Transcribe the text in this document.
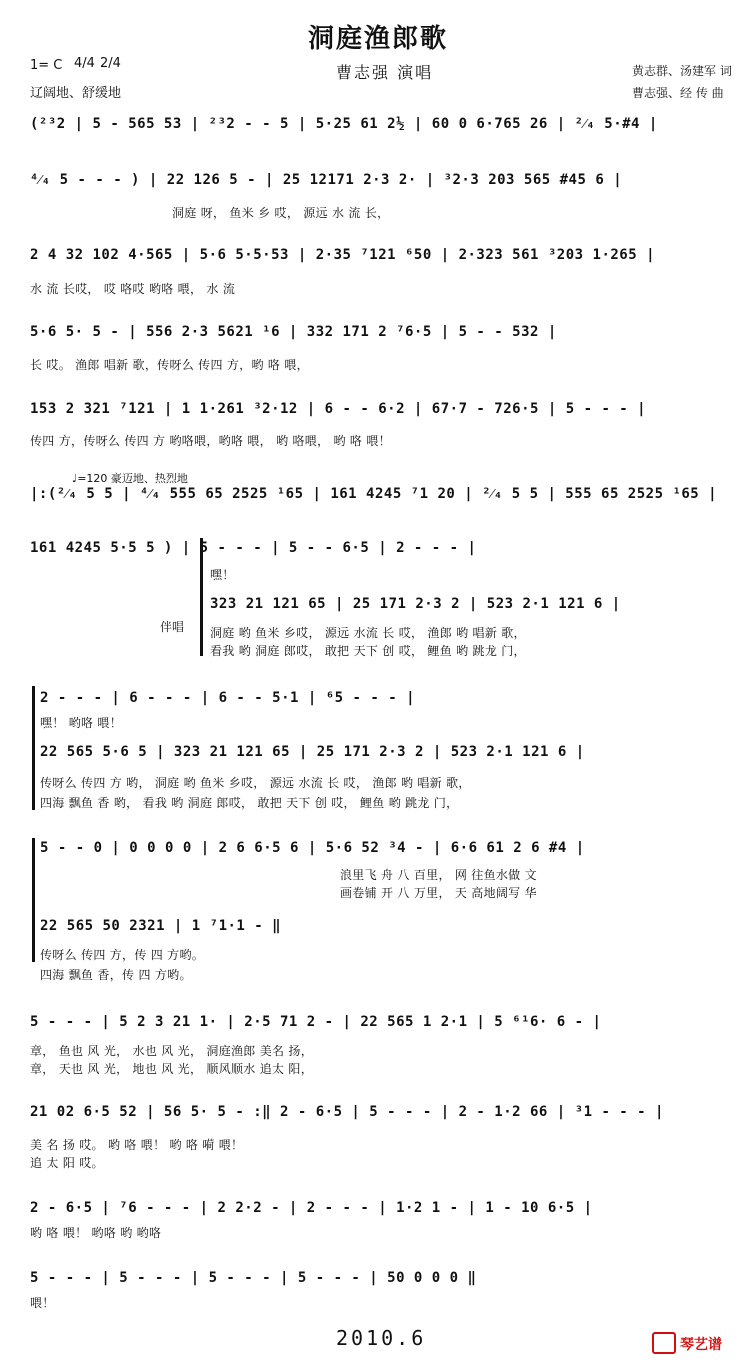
洞庭渔郎歌
曹志强 演唱
1= C 4/4 2/4
辽阔地、舒缓地
黄志群、汤建军 词
曹志强、经 传 曲
(²³2 | 5 - 565 53 | ²³2 - - 5 | 5·25 61 2½ | 60 0 6·765 26 | ²⁄₄ 5·#4 |
⁴⁄₄ 5 - - - ) | 22 126 5 - | 25 12171 2·3 2· | ³2·3 203 565 #45 6 |
洞庭 呀， 鱼米 乡 哎， 源远 水 流 长，
2 4 32 102 4·565 | 5·6 5·5·53 | 2·35 ⁷121 ⁶50 | 2·323 561 ³203 1·265 |
水 流 长哎， 哎 咯哎 哟咯 喂， 水 流
5·6 5· 5 - | 556 2·3 5621 ¹6 | 332 171 2 ⁷6·5 | 5 - - 532 |
长 哎。 渔郎 唱新 歌，传呀么 传四 方，哟 咯 喂，
153 2 321 ⁷121 | 1 1·261 ³2·12 | 6 - - 6·2 | 67·7 - 726·5 | 5 - - - |
传四 方，传呀么 传四 方 哟咯喂，哟咯 喂， 哟 咯喂， 哟 咯 喂！
♩=120 豪迈地、热烈地
|:(²⁄₄ 5 5 | ⁴⁄₄ 555 65 2525 ¹65 | 161 4245 ⁷1 20 | ²⁄₄ 5 5 | 555 65 2525 ¹65 |
161 4245 5·5 5 ) | 5 - - - | 5 - - 6·5 | 2 - - - |
嘿！
伴唱
323 21 121 65 | 25 171 2·3 2 | 523 2·1 121 6 |
洞庭 哟 鱼米 乡哎， 源远 水流 长 哎， 渔郎 哟 唱新 歌，
看我 哟 洞庭 郎哎， 敢把 天下 创 哎， 鲤鱼 哟 跳龙 门，
2 - - - | 6 - - - | 6 - - 5·1 | ⁶5 - - - |
嘿！ 哟咯 喂！
22 565 5·6 5 | 323 21 121 65 | 25 171 2·3 2 | 523 2·1 121 6 |
传呀么 传四 方 哟， 洞庭 哟 鱼米 乡哎， 源远 水流 长 哎， 渔郎 哟 唱新 歌，
四海 飘鱼 香 哟， 看我 哟 洞庭 郎哎， 敢把 天下 创 哎， 鲤鱼 哟 跳龙 门，
5 - - 0 | 0 0 0 0 | 2 6 6·5 6 | 5·6 52 ³4 - | 6·6 61 2 6 #4 |
浪里飞 舟 八 百里， 网 往鱼水做 文
画卷铺 开 八 万里， 天 高地阔写 华
22 565 50 2321 | 1 ⁷1·1 - ‖
传呀么 传四 方，传 四 方哟。
四海 飘鱼 香，传 四 方哟。
5 - - - | 5 2 3 21 1· | 2·5 71 2 - | 22 565 1 2·1 | 5 ⁶¹6· 6 - |
章， 鱼也 风 光， 水也 风 光， 洞庭渔郎 美名 扬，
章， 天也 风 光， 地也 风 光， 顺风顺水 追太 阳，
21 02 6·5 52 | 56 5· 5 - :‖ 2 - 6·5 | 5 - - - | 2 - 1·2 66 | ³1 - - - |
美 名 扬 哎。 哟 咯 喂！ 哟 咯 嗬 喂！
追 太 阳 哎。
2 - 6·5 | ⁷6 - - - | 2 2·2 - | 2 - - - | 1·2 1 - | 1 - 10 6·5 |
哟 咯 喂！ 哟咯 哟 哟咯
5 - - - | 5 - - - | 5 - - - | 5 - - - | 50 0 0 0 ‖
喂！
2010.6	琴艺谱
